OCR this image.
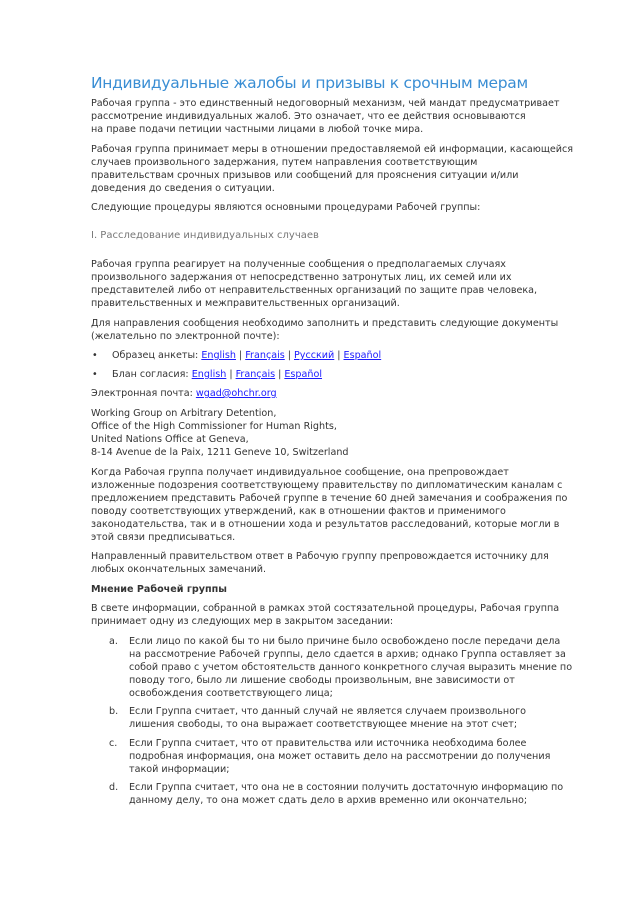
Индивидуальные жалобы и призывы к срочным мерам
Рабочая группа - это единственный недоговорный механизм, чей мандат предусматривает
рассмотрение индивидуальных жалоб. Это означает, что ее действия основываются
на праве подачи петиции частными лицами в любой точке мира.
Рабочая группа принимает меры в отношении предоставляемой ей информации, касающейся
случаев произвольного задержания, путем направления соответствующим
правительствам срочных призывов или сообщений для прояснения ситуации и/или
доведения до сведения о ситуации.
Следующие процедуры являются основными процедурами Рабочей группы:
I. Расследование индивидуальных случаев
Рабочая группа реагирует на полученные сообщения о предполагаемых случаях
произвольного задержания от непосредственно затронутых лиц, их семей или их
представителей либо от неправительственных организаций по защите прав человека,
правительственных и межправительственных организаций.
Для направления сообщения необходимо заполнить и представить следующие документы
(желательно по электронной почте):
• Образец анкеты: English | Français | Русский | Español
• Блан согласия: English | Français | Español
Электронная почта: wgad@ohchr.org
Working Group on Arbitrary Detention,
Office of the High Commissioner for Human Rights,
United Nations Office at Geneva,
8-14 Avenue de la Paix, 1211 Geneve 10, Switzerland
Когда Рабочая группа получает индивидуальное сообщение, она препровождает
изложенные подозрения соответствующему правительству по дипломатическим каналам с
предложением представить Рабочей группе в течение 60 дней замечания и соображения по
поводу соответствующих утверждений, как в отношении фактов и применимого
законодательства, так и в отношении хода и результатов расследований, которые могли в
этой связи предписываться.
Направленный правительством ответ в Рабочую группу препровождается источнику для
любых окончательных замечаний.
Мнение Рабочей группы
В свете информации, собранной в рамках этой состязательной процедуры, Рабочая группа
принимает одну из следующих мер в закрытом заседании:
a. Если лицо по какой бы то ни было причине было освобождено после передачи дела
на рассмотрение Рабочей группы, дело сдается в архив; однако Группа оставляет за
собой право с учетом обстоятельств данного конкретного случая выразить мнение по
поводу того, было ли лишение свободы произвольным, вне зависимости от
освобождения соответствующего лица;
b. Если Группа считает, что данный случай не является случаем произвольного
лишения свободы, то она выражает соответствующее мнение на этот счет;
c. Если Группа считает, что от правительства или источника необходима более
подробная информация, она может оставить дело на рассмотрении до получения
такой информации;
d. Если Группа считает, что она не в состоянии получить достаточную информацию по
данному делу, то она может сдать дело в архив временно или окончательно;
